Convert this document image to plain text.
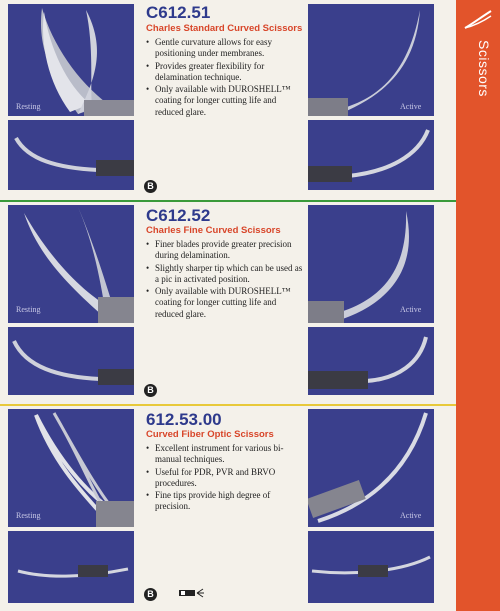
Scissors
Resting	Active
C612.51
Charles Standard Curved Scissors
• Gentle curvature allows for easy positioning under membranes.
• Provides greater flexibility for delamination technique.
• Only available with DUROSHELL™ coating for longer cutting life and reduced glare.
B
Resting	Active
C612.52
Charles Fine Curved Scissors
• Finer blades provide greater precision during delamination.
• Slightly sharper tip which can be used as a pic in activated position.
• Only available with DUROSHELL™ coating for longer cutting life and reduced glare.
B
Resting	Active
612.53.00
Curved Fiber Optic Scissors
• Excellent instrument for various bi-manual techniques.
• Useful for PDR, PVR and BRVO procedures.
• Fine tips provide high degree of precision.
B
